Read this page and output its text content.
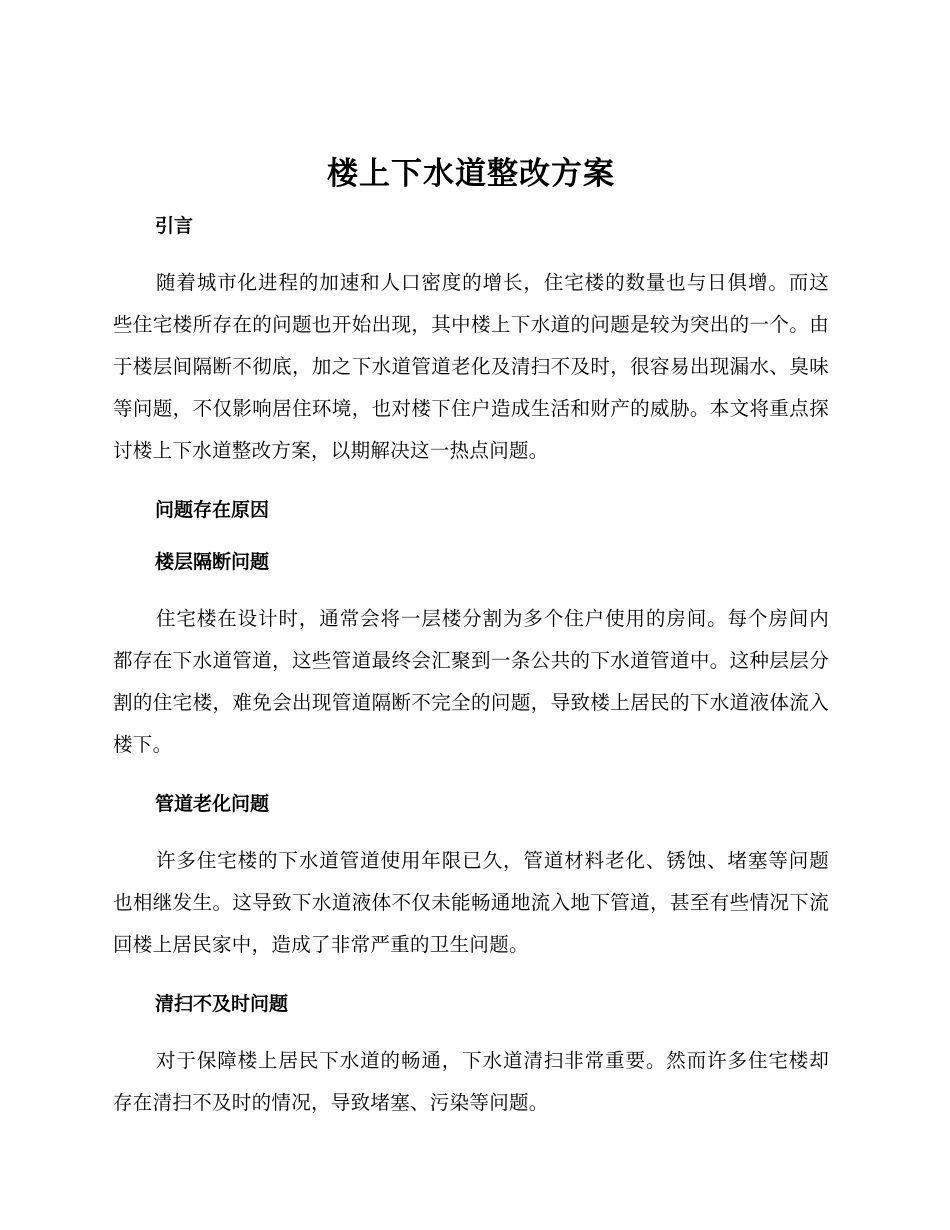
楼上下水道整改方案
引言

随着城市化进程的加速和人口密度的增长，住宅楼的数量也与日俱增。而这些住宅楼所存在的问题也开始出现，其中楼上下水道的问题是较为突出的一个。由于楼层间隔断不彻底，加之下水道管道老化及清扫不及时，很容易出现漏水、臭味等问题，不仅影响居住环境，也对楼下住户造成生活和财产的威胁。本文将重点探讨楼上下水道整改方案，以期解决这一热点问题。

问题存在原因
楼层隔断问题

住宅楼在设计时，通常会将一层楼分割为多个住户使用的房间。每个房间内都存在下水道管道，这些管道最终会汇聚到一条公共的下水道管道中。这种层层分割的住宅楼，难免会出现管道隔断不完全的问题，导致楼上居民的下水道液体流入楼下。

管道老化问题

许多住宅楼的下水道管道使用年限已久，管道材料老化、锈蚀、堵塞等问题也相继发生。这导致下水道液体不仅未能畅通地流入地下管道，甚至有些情况下流回楼上居民家中，造成了非常严重的卫生问题。

清扫不及时问题

对于保障楼上居民下水道的畅通，下水道清扫非常重要。然而许多住宅楼却存在清扫不及时的情况，导致堵塞、污染等问题。
